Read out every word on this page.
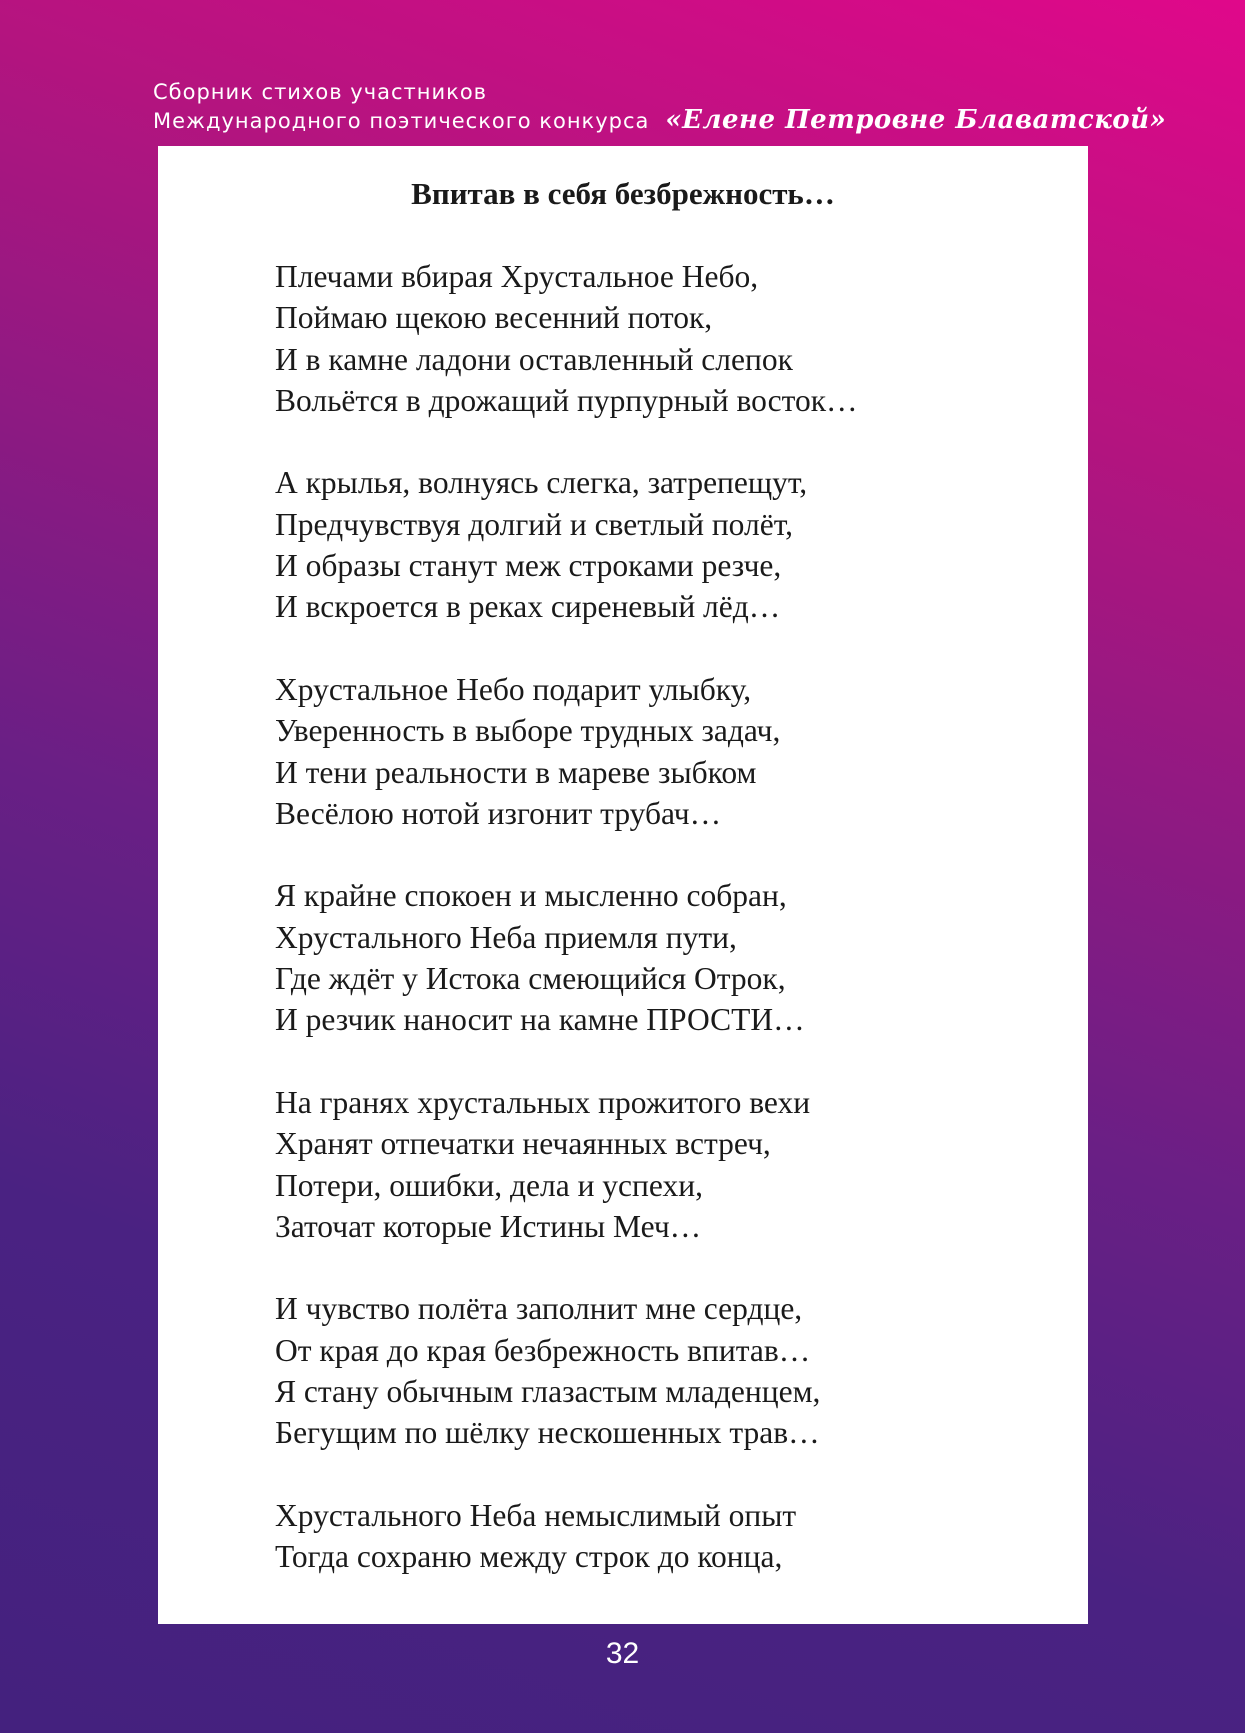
Сборник стихов участников
Международного поэтического конкурса «Елене Петровне Блаватской»
Впитав в себя безбрежность…
Плечами вбирая Хрустальное Небо,
Поймаю щекою весенний поток,
И в камне ладони оставленный слепок
Вольётся в дрожащий пурпурный восток…
А крылья, волнуясь слегка, затрепещут,
Предчувствуя долгий и светлый полёт,
И образы станут меж строками резче,
И вскроется в реках сиреневый лёд…
Хрустальное Небо подарит улыбку,
Уверенность в выборе трудных задач,
И тени реальности в мареве зыбком
Весёлою нотой изгонит трубач…
Я крайне спокоен и мысленно собран,
Хрустального Неба приемля пути,
Где ждёт у Истока смеющийся Отрок,
И резчик наносит на камне ПРОСТИ…
На гранях хрустальных прожитого вехи
Хранят отпечатки нечаянных встреч,
Потери, ошибки, дела и успехи,
Заточат которые Истины Меч…
И чувство полёта заполнит мне сердце,
От края до края безбрежность впитав…
Я стану обычным глазастым младенцем,
Бегущим по шёлку нескошенных трав…
Хрустального Неба немыслимый опыт
Тогда сохраню между строк до конца,
32
